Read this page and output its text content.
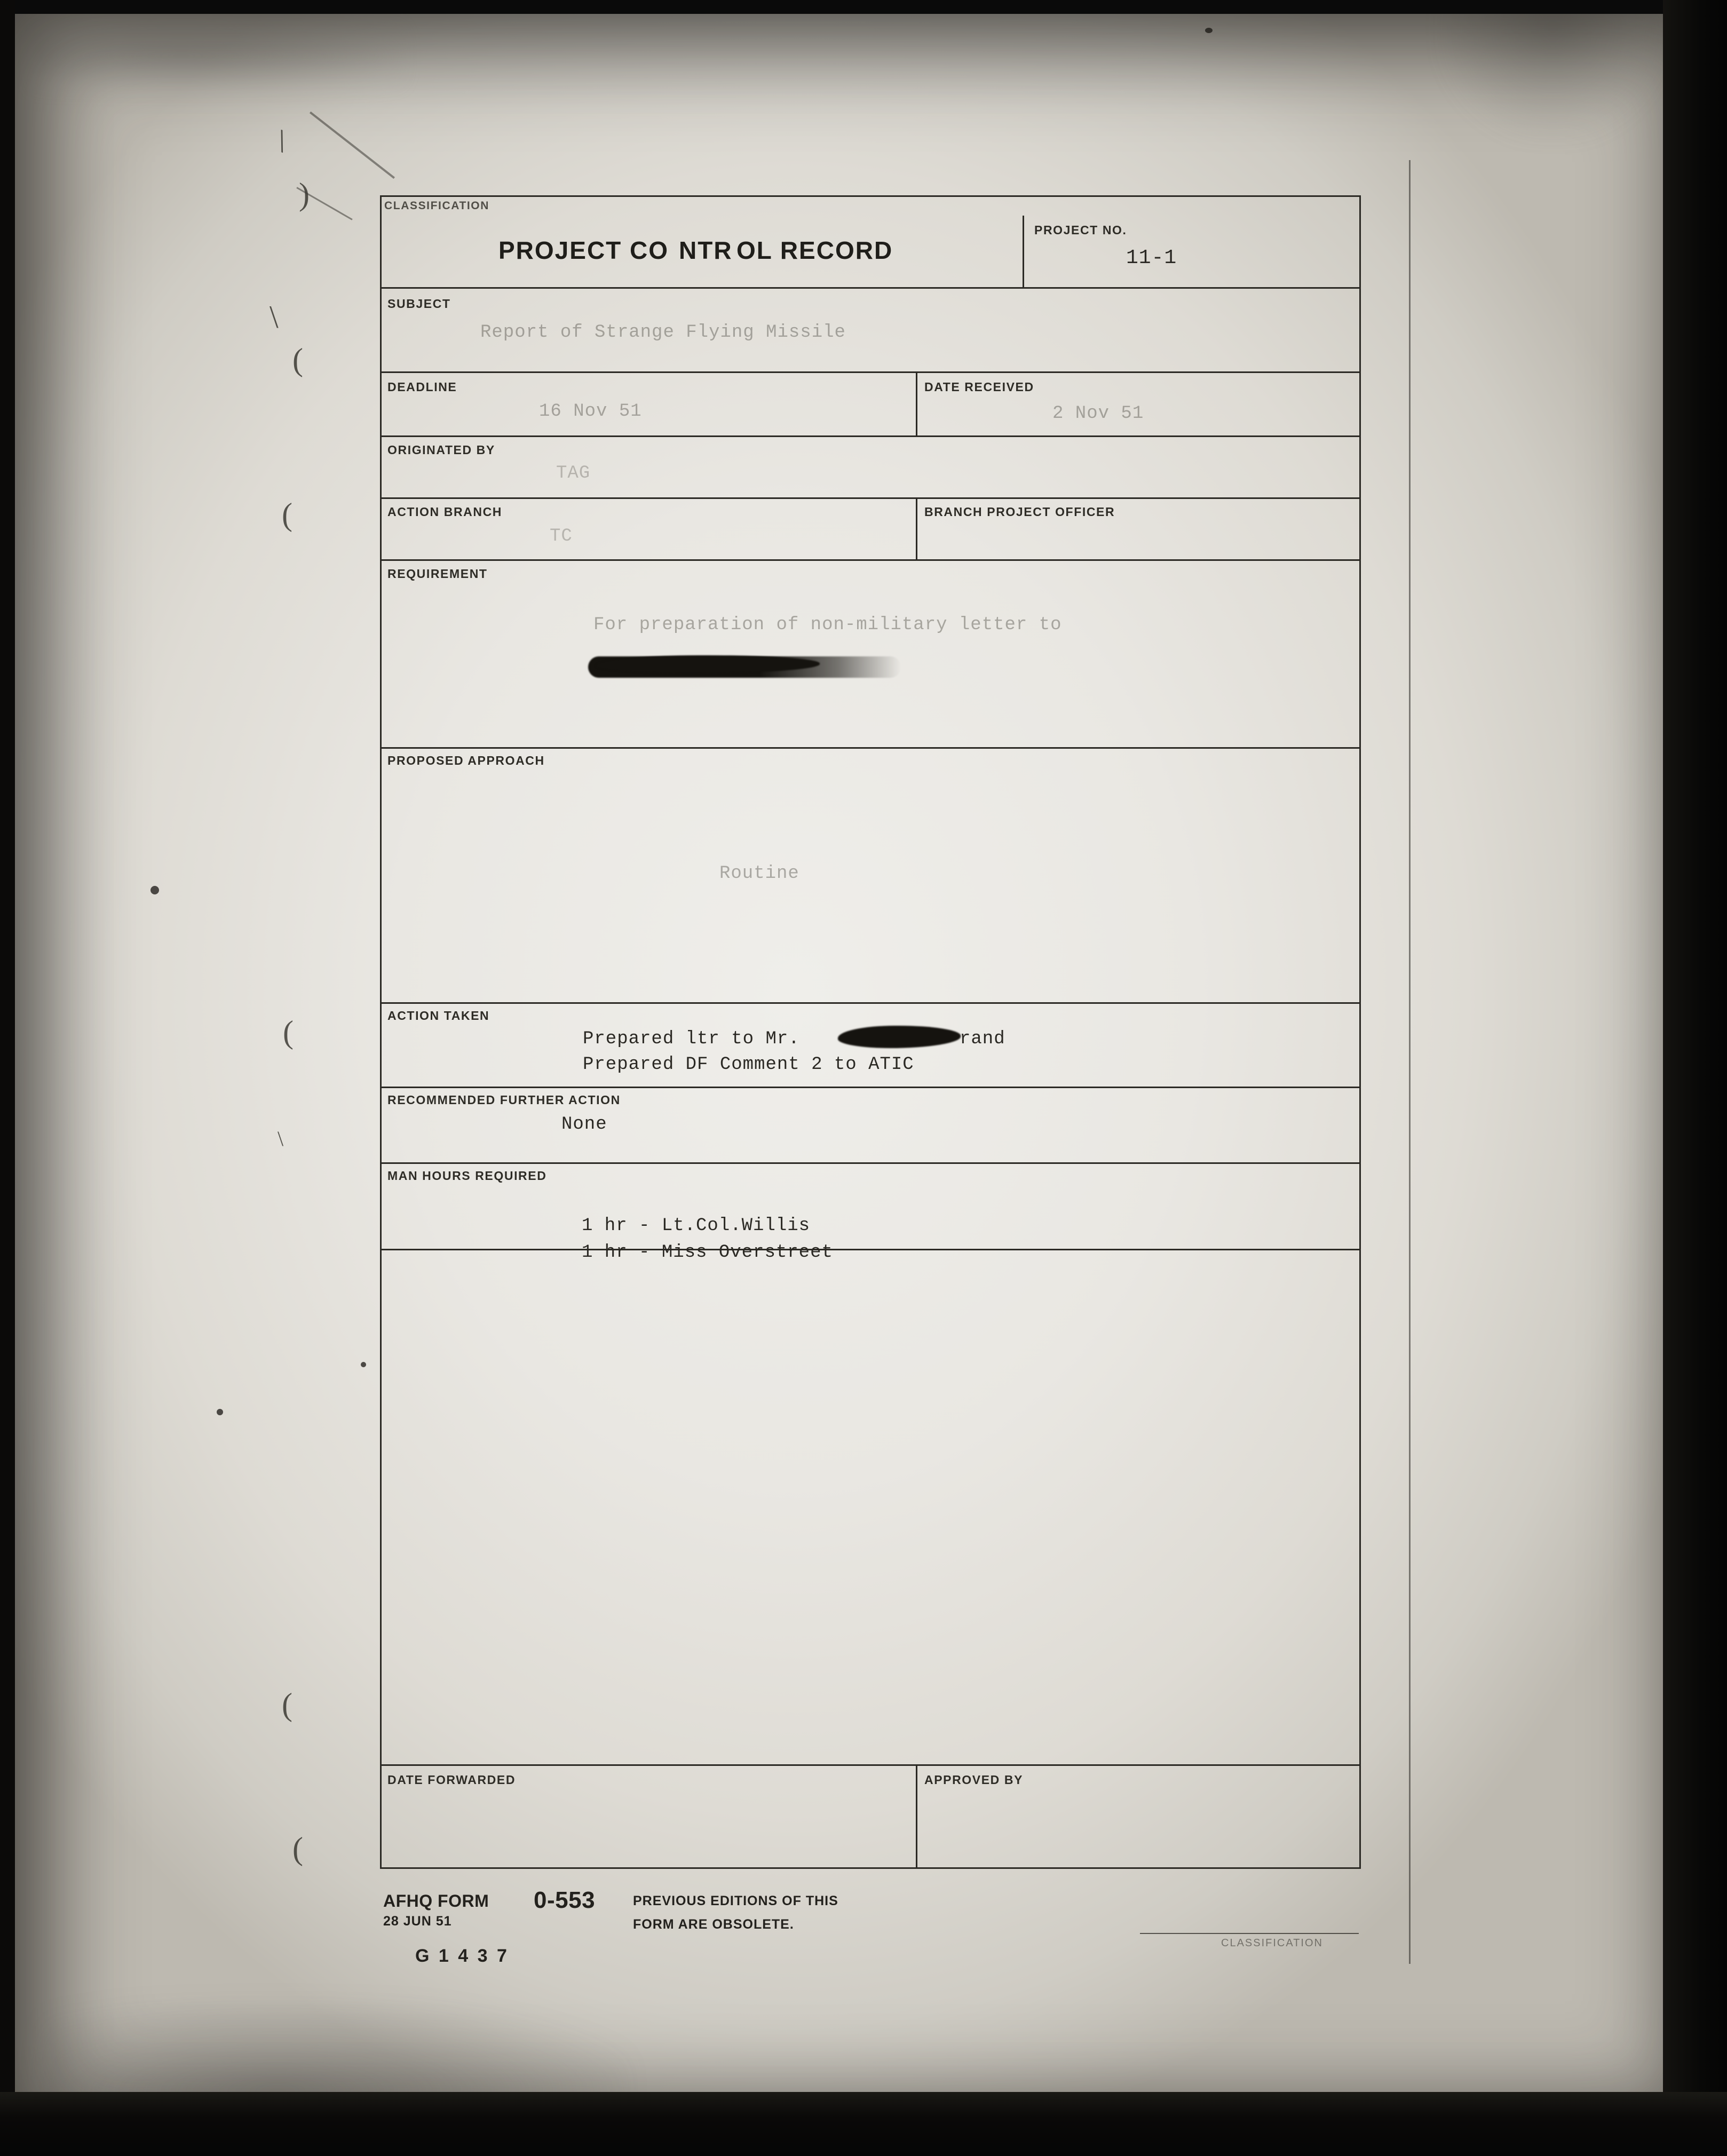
\
)
\
(
(
(
\
(
(
CLASSIFICATION
PROJECT CO NTR OL RECORD
PROJECT NO.
11-1
SUBJECT
Report of Strange Flying Missile
DEADLINE
16 Nov 51
DATE RECEIVED
2 Nov 51
ORIGINATED BY
TAG
ACTION BRANCH
TC
BRANCH PROJECT OFFICER
REQUIREMENT
For preparation of non-military letter to
PROPOSED APPROACH
Routine
ACTION TAKEN
Prepared ltr to Mr.	rand
Prepared DF Comment 2 to ATIC
RECOMMENDED FURTHER ACTION
None
MAN HOURS REQUIRED
1 hr - Lt.Col.Willis
1 hr - Miss Overstreet
DATE FORWARDED	APPROVED BY
AFHQ FORM 0-553
28 JUN 51
PREVIOUS EDITIONS OF THIS
FORM ARE OBSOLETE.
G 1 4 3 7
CLASSIFICATION
